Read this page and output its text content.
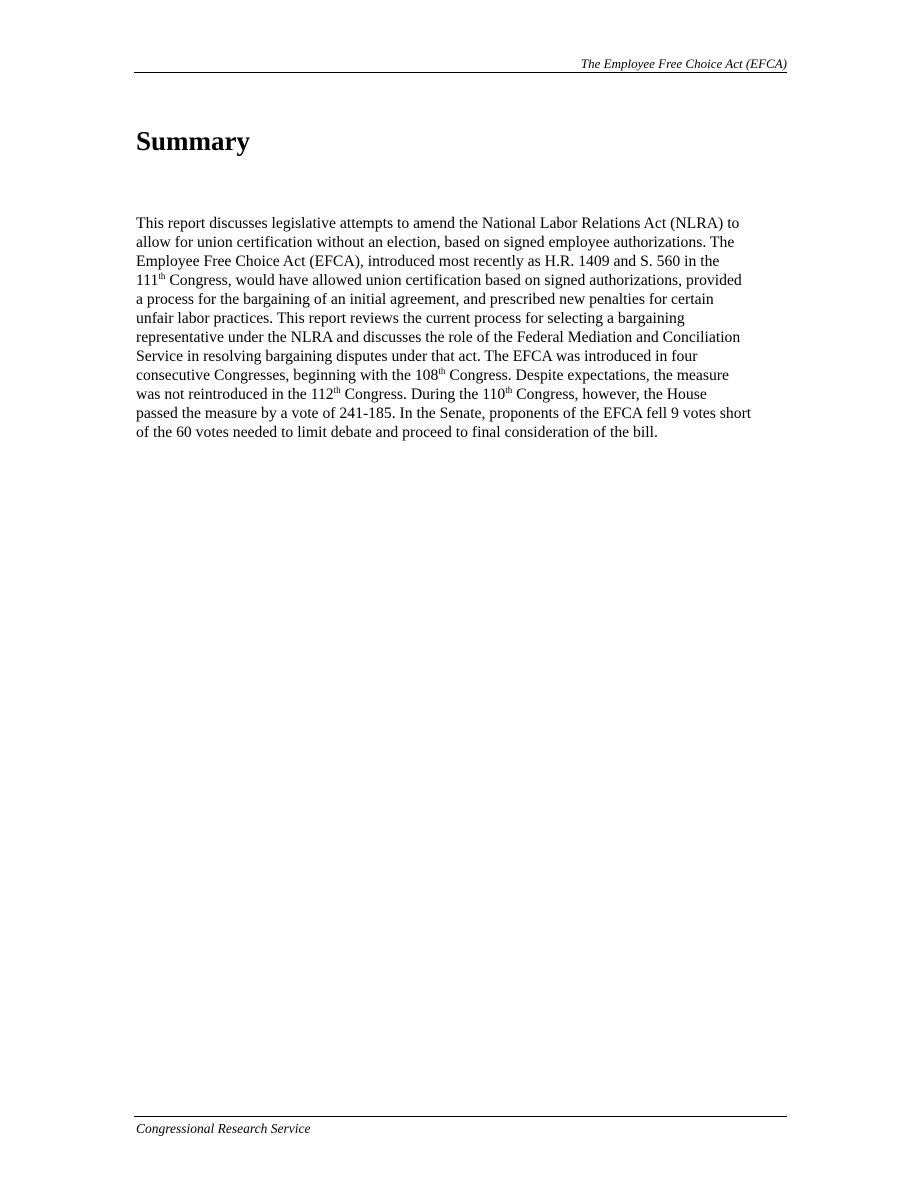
The Employee Free Choice Act (EFCA)
Summary
This report discusses legislative attempts to amend the National Labor Relations Act (NLRA) to
allow for union certification without an election, based on signed employee authorizations. The
Employee Free Choice Act (EFCA), introduced most recently as H.R. 1409 and S. 560 in the
111th Congress, would have allowed union certification based on signed authorizations, provided
a process for the bargaining of an initial agreement, and prescribed new penalties for certain
unfair labor practices. This report reviews the current process for selecting a bargaining
representative under the NLRA and discusses the role of the Federal Mediation and Conciliation
Service in resolving bargaining disputes under that act. The EFCA was introduced in four
consecutive Congresses, beginning with the 108th Congress. Despite expectations, the measure
was not reintroduced in the 112th Congress. During the 110th Congress, however, the House
passed the measure by a vote of 241-185. In the Senate, proponents of the EFCA fell 9 votes short
of the 60 votes needed to limit debate and proceed to final consideration of the bill.
Congressional Research Service
